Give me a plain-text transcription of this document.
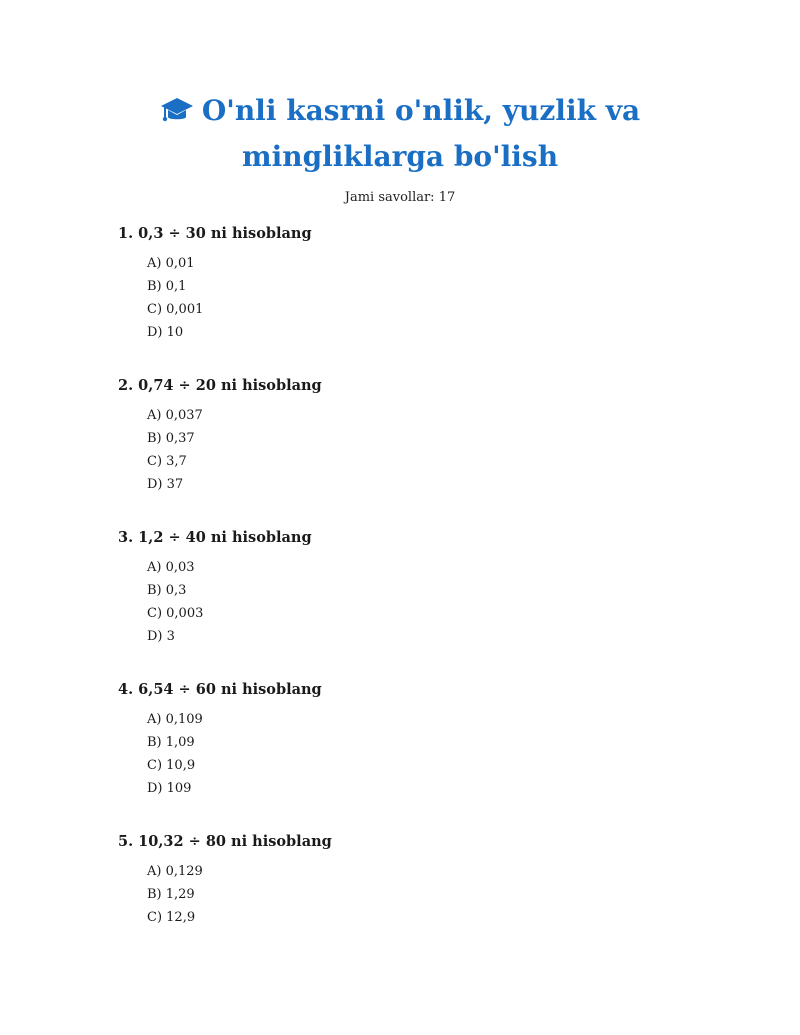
O'nli kasrni o'nlik, yuzlik va mingliklarga bo'lish
Jami savollar: 17
1. 0,3 ÷ 30 ni hisoblang
A) 0,01
B) 0,1
C) 0,001
D) 10
2. 0,74 ÷ 20 ni hisoblang
A) 0,037
B) 0,37
C) 3,7
D) 37
3. 1,2 ÷ 40 ni hisoblang
A) 0,03
B) 0,3
C) 0,003
D) 3
4. 6,54 ÷ 60 ni hisoblang
A) 0,109
B) 1,09
C) 10,9
D) 109
5. 10,32 ÷ 80 ni hisoblang
A) 0,129
B) 1,29
C) 12,9
